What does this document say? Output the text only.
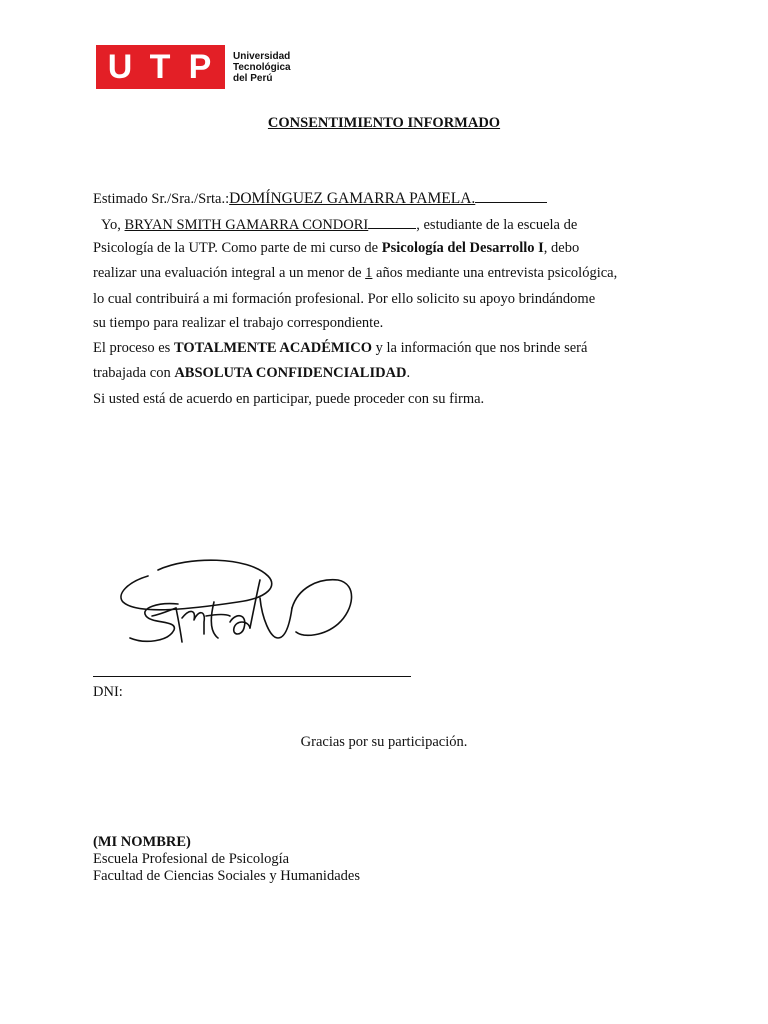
U T P	Universidad
Tecnológica
del Perú
CONSENTIMIENTO INFORMADO
Estimado Sr./Sra./Srta.:DOMÍNGUEZ GAMARRA PAMELA.
Yo, BRYAN SMITH GAMARRA CONDORI	, estudiante de la escuela de
Psicología de la UTP. Como parte de mi curso de Psicología del Desarrollo I, debo
realizar una evaluación integral a un menor de 1 años mediante una entrevista psicológica,
lo cual contribuirá a mi formación profesional. Por ello solicito su apoyo brindándome
su tiempo para realizar el trabajo correspondiente.
El proceso es TOTALMENTE ACADÉMICO y la información que nos brinde será
trabajada con ABSOLUTA CONFIDENCIALIDAD.
Si usted está de acuerdo en participar, puede proceder con su firma.
DNI:
Gracias por su participación.
(MI NOMBRE)
Escuela Profesional de Psicología
Facultad de Ciencias Sociales y Humanidades
